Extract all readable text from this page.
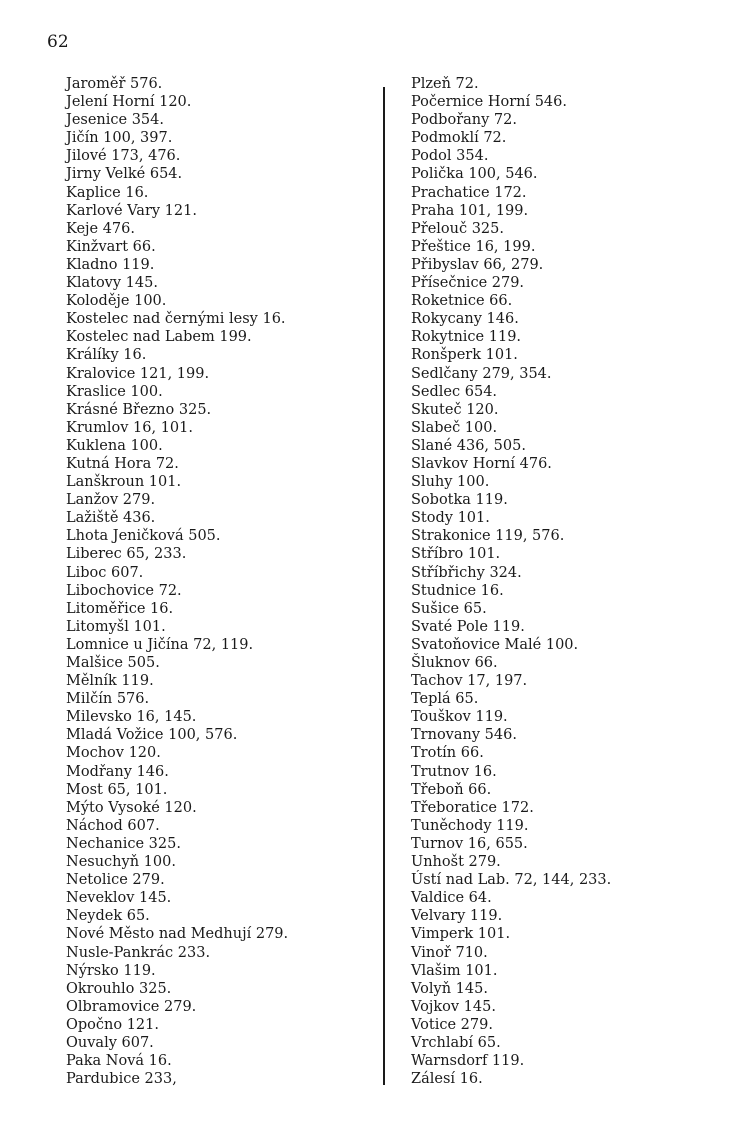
62
Jaroměř 576.
Jelení Horní 120.
Jesenice 354.
Jičín 100, 397.
Jilové 173, 476.
Jirny Velké 654.
Kaplice 16.
Karlové Vary 121.
Keje 476.
Kinžvart 66.
Kladno 119.
Klatovy 145.
Koloděje 100.
Kostelec nad černými lesy 16.
Kostelec nad Labem 199.
Králíky 16.
Kralovice 121, 199.
Kraslice 100.
Krásné Březno 325.
Krumlov 16, 101.
Kuklena 100.
Kutná Hora 72.
Lanškroun 101.
Lanžov 279.
Lažiště 436.
Lhota Jeničková 505.
Liberec 65, 233.
Liboc 607.
Libochovice 72.
Litoměřice 16.
Litomyšl 101.
Lomnice u Jičína 72, 119.
Malšice 505.
Mělník 119.
Milčín 576.
Milevsko 16, 145.
Mladá Vožice 100, 576.
Mochov 120.
Modřany 146.
Most 65, 101.
Mýto Vysoké 120.
Náchod 607.
Nechanice 325.
Nesuchyň 100.
Netolice 279.
Neveklov 145.
Neydek 65.
Nové Město nad Medhují 279.
Nusle-Pankrác 233.
Nýrsko 119.
Okrouhlo 325.
Olbramovice 279.
Opočno 121.
Ouvaly 607.
Paka Nová 16.
Pardubice 233,
Plzeň 72.
Počernice Horní 546.
Podbořany 72.
Podmoklí 72.
Podol 354.
Polička 100, 546.
Prachatice 172.
Praha 101, 199.
Přelouč 325.
Přeštice 16, 199.
Přibyslav 66, 279.
Přísečnice 279.
Roketnice 66.
Rokycany 146.
Rokytnice 119.
Ronšperk 101.
Sedlčany 279, 354.
Sedlec 654.
Skuteč 120.
Slabeč 100.
Slané 436, 505.
Slavkov Horní 476.
Sluhy 100.
Sobotka 119.
Stody 101.
Strakonice 119, 576.
Stříbro 101.
Stříbřichy 324.
Studnice 16.
Sušice 65.
Svaté Pole 119.
Svatoňovice Malé 100.
Šluknov 66.
Tachov 17, 197.
Teplá 65.
Touškov 119.
Trnovany 546.
Trotín 66.
Trutnov 16.
Třeboň 66.
Třeboratice 172.
Tuněchody 119.
Turnov 16, 655.
Unhošt 279.
Ústí nad Lab. 72, 144, 233.
Valdice 64.
Velvary 119.
Vimperk 101.
Vinoř 710.
Vlašim 101.
Volyň 145.
Vojkov 145.
Votice 279.
Vrchlabí 65.
Warnsdorf 119.
Zálesí 16.
